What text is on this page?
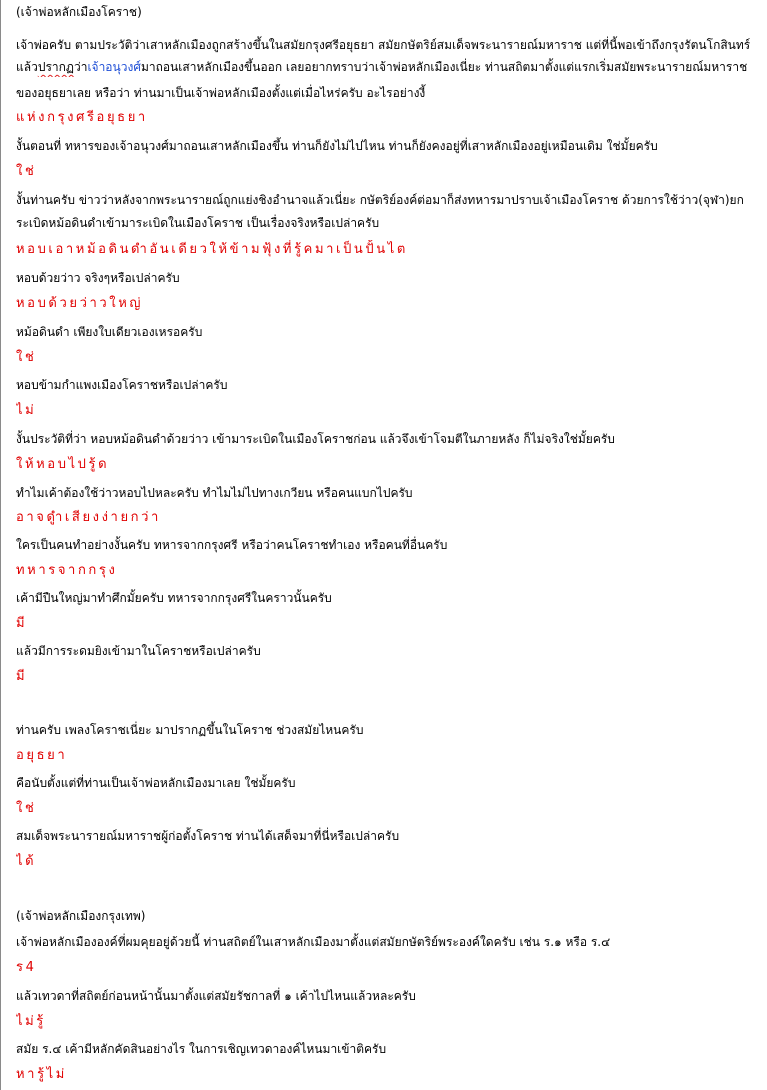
(เจ้าพ่อหลักเมืองโคราช)
เจ้าพ่อครับ ตามประวัติว่าเสาหลักเมืองถูกสร้างขึ้นในสมัยกรุงศรีอยุธยา สมัยกษัตริย์สมเด็จพระนารายณ์มหาราช แต่ที่นี้พอเข้าถึงกรุงรัตนโกสินทร์
แล้วปรากฏว่าเจ้าอนุวงศ์มาถอนเสาหลักเมืองขึ้นออก เลยอยากทราบว่าเจ้าพ่อหลักเมืองเนี่ยะ ท่านสถิตมาตั้งแต่แรกเริ่มสมัยพระนารายณ์มหาราช
ของอยุธยาเลย หรือว่า ท่านมาเป็นเจ้าพ่อหลักเมืองตั้งแต่เมื่อไหร่ครับ อะไรอย่างงี้
แห่งกรุงศรีอยุธยา
งั้นตอนที่ ทหารของเจ้าอนุวงศ์มาถอนเสาหลักเมืองขึ้น ท่านก็ยังไม่ไปไหน ท่านก็ยังคงอยู่ที่เสาหลักเมืองอยู่เหมือนเดิม ใช่มั้ยครับ
ใช่
งั้นท่านครับ ข่าวว่าหลังจากพระนารายณ์ถูกแย่งชิงอำนาจแล้วเนี่ยะ กษัตริย์องค์ต่อมาก็ส่งทหารมาปราบเจ้าเมืองโคราช ด้วยการใช้ว่าว(จุฬา)ยก
ระเบิดหม้อดินดำเข้ามาระเบิดในเมืองโคราช เป็นเรื่องจริงหรือเปล่าครับ
หอบเอาหม้อดินดำอันเดียวให้ข้ามฟุ้งที่รู้คมาเป็นปั้นไต
หอบด้วยว่าว จริงๆหรือเปล่าครับ
หอบด้วยว่าวใหญ่
หม้อดินดำ เพียงใบเดียวเองเหรอครับ
ใช่
หอบข้ามกำแพงเมืองโคราชหรือเปล่าครับ
ไม่
งั้นประวัติที่ว่า หอบหม้อดินดำด้วยว่าว เข้ามาระเบิดในเมืองโคราชก่อน แล้วจึงเข้าโจมตีในภายหลัง ก็ไม่จริงใช่มั้ยครับ
ให้หอบไปรู้ด
ทำไมเค้าต้องใช้ว่าวหอบไปหละครับ ทำไมไม่ไปทางเกวียน หรือคนแบกไปครับ
อาจดูำเสียงง่ายกว่า
ใครเป็นคนทำอย่างงั้นครับ ทหารจากกรุงศรี หรือว่าคนโคราชทำเอง หรือคนที่อื่นครับ
ทหารจากกรุง
เค้ามีปืนใหญ่มาทำศึกมั้ยครับ ทหารจากกรุงศรีในคราวนั้นครับ
มี
แล้วมีการระดมยิงเข้ามาในโคราชหรือเปล่าครับ
มี
ท่านครับ เพลงโคราชเนี่ยะ มาปรากฏขึ้นในโคราช ช่วงสมัยไหนครับ
อยุธยา
คือนับตั้งแต่ที่ท่านเป็นเจ้าพ่อหลักเมืองมาเลย ใช่มั้ยครับ
ใช่
สมเด็จพระนารายณ์มหาราชผู้ก่อตั้งโคราช ท่านได้เสด็จมาที่นี่หรือเปล่าครับ
ได้
(เจ้าพ่อหลักเมืองกรุงเทพ)
เจ้าพ่อหลักเมืององค์ที่ผมคุยอยู่ด้วยนี้ ท่านสถิตย์ในเสาหลักเมืองมาตั้งแต่สมัยกษัตริย์พระองค์ใดครับ เช่น ร.๑ หรือ ร.๔
ร4
แล้วเทวดาที่สถิตย์ก่อนหน้านั้นมาตั้งแต่สมัยรัชกาลที่ ๑ เค้าไปไหนแล้วหละครับ
ไม่รู้
สมัย ร.๔ เค้ามีหลักคัดสินอย่างไร ในการเชิญเทวดาองค์ไหนมาเข้าติครับ
หารู้ไม่
